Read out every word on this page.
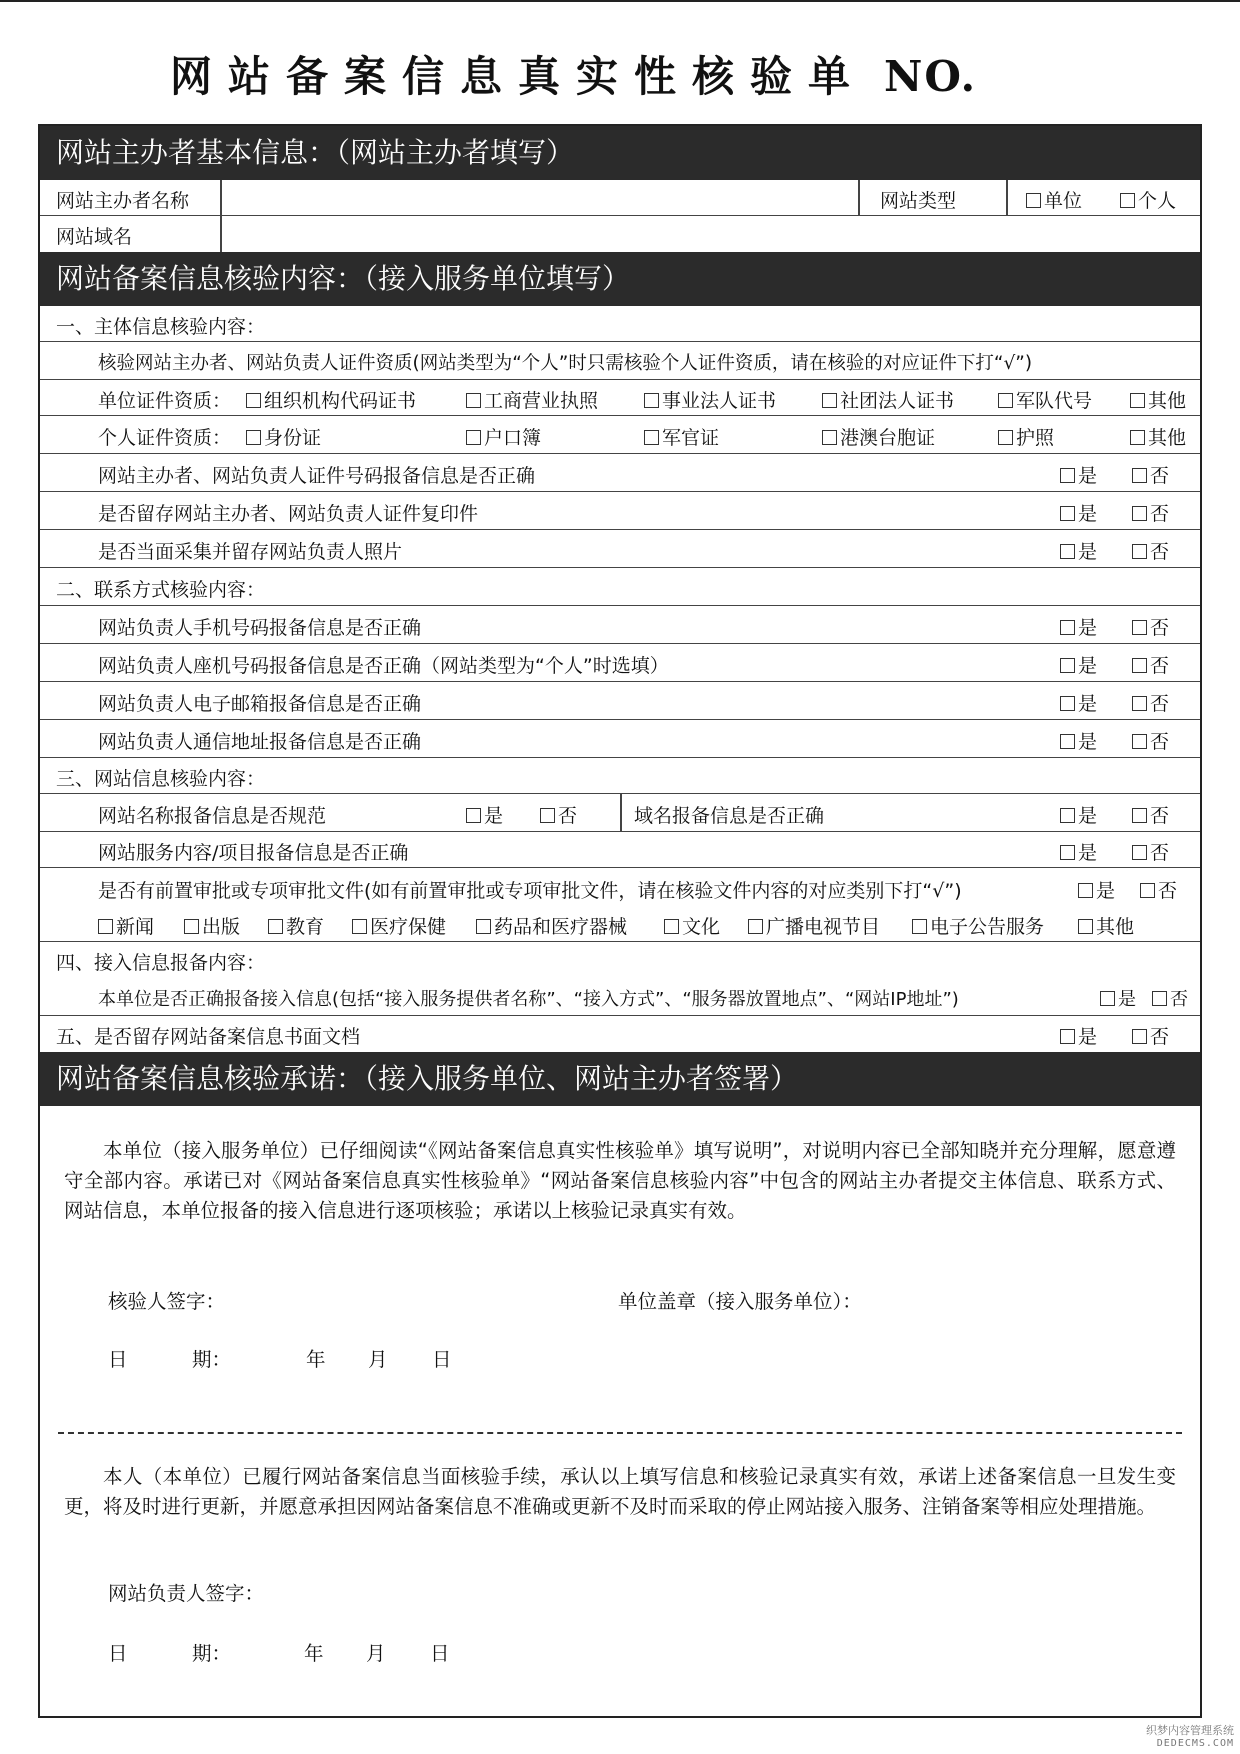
网站备案信息真实性核验单 NO.
网站主办者基本信息：（网站主办者填写）
网站主办者名称	网站类型	单位	个人
网站域名
网站备案信息核验内容：（接入服务单位填写）
一、主体信息核验内容：
核验网站主办者、网站负责人证件资质(网站类型为“个人”时只需核验个人证件资质，请在核验的对应证件下打“√”)
单位证件资质：	组织机构代码证书	工商营业执照	事业法人证书	社团法人证书	军队代号	其他
个人证件资质：	身份证	户口簿	军官证	港澳台胞证	护照	其他
网站主办者、网站负责人证件号码报备信息是否正确	是	否
是否留存网站主办者、网站负责人证件复印件	是	否
是否当面采集并留存网站负责人照片	是	否
二、联系方式核验内容：
网站负责人手机号码报备信息是否正确	是	否
网站负责人座机号码报备信息是否正确（网站类型为“个人”时选填）	是	否
网站负责人电子邮箱报备信息是否正确	是	否
网站负责人通信地址报备信息是否正确	是	否
三、网站信息核验内容：
网站名称报备信息是否规范	是	否	域名报备信息是否正确	是	否
网站服务内容/项目报备信息是否正确	是	否
是否有前置审批或专项审批文件(如有前置审批或专项审批文件，请在核验文件内容的对应类别下打“√”)	是	否
新闻	出版	教育	医疗保健	药品和医疗器械	文化	广播电视节目	电子公告服务	其他
四、接入信息报备内容：
本单位是否正确报备接入信息(包括“接入服务提供者名称”、“接入方式”、“服务器放置地点”、“网站IP地址”)	是	否
五、是否留存网站备案信息书面文档	是	否
网站备案信息核验承诺：（接入服务单位、网站主办者签署）
本单位（接入服务单位）已仔细阅读“《网站备案信息真实性核验单》填写说明”，对说明内容已全部知晓并充分理解，愿意遵守全部内容。承诺已对《网站备案信息真实性核验单》“网站备案信息核验内容”中包含的网站主办者提交主体信息、联系方式、网站信息，本单位报备的接入信息进行逐项核验；承诺以上核验记录真实有效。
核验人签字：	单位盖章（接入服务单位）：
日	期：	年 月 日
本人（本单位）已履行网站备案信息当面核验手续，承认以上填写信息和核验记录真实有效，承诺上述备案信息一旦发生变更，将及时进行更新，并愿意承担因网站备案信息不准确或更新不及时而采取的停止网站接入服务、注销备案等相应处理措施。
网站负责人签字：
日	期：	年 月 日
织梦内容管理系统
DEDECMS.COM
